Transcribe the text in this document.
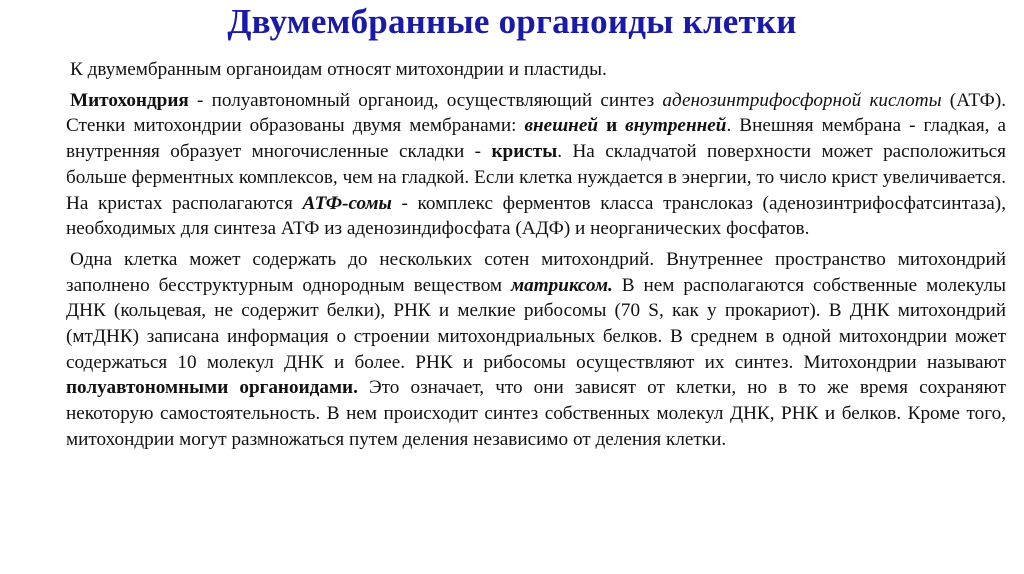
Двумембранные органоиды клетки

К двумембранным органоидам относят митохондрии и пластиды.

Митохондрия - полуавтономный органоид, осуществляющий синтез аденозинтрифосфорной кислоты (АТФ). Стенки митохондрии образованы двумя мембранами: внешней и внутренней. Внешняя мембрана - гладкая, а внутренняя образует многочисленные складки - кристы. На складчатой поверхности может расположиться больше ферментных комплексов, чем на гладкой. Если клетка нуждается в энергии, то число крист увеличивается. На кристах располагаются АТФ-сомы - комплекс ферментов класса транслоказ (аденозинтрифосфатсинтаза), необходимых для синтеза АТФ из аденозиндифосфата (АДФ) и неорганических фосфатов.

Одна клетка может содержать до нескольких сотен митохондрий. Внутреннее пространство митохондрий заполнено бесструктурным однородным веществом матриксом. В нем располагаются собственные молекулы ДНК (кольцевая, не содержит белки), РНК и мелкие рибосомы (70 S, как у прокариот). В ДНК митохондрий (мтДНК) записана информация о строении митохондриальных белков. В среднем в одной митохондрии может содержаться 10 молекул ДНК и более. РНК и рибосомы осуществляют их синтез. Митохондрии называют полуавтономными органоидами. Это означает, что они зависят от клетки, но в то же время сохраняют некоторую самостоятельность. В нем происходит синтез собственных молекул ДНК, РНК и белков. Кроме того, митохондрии могут размножаться путем деления независимо от деления клетки.
